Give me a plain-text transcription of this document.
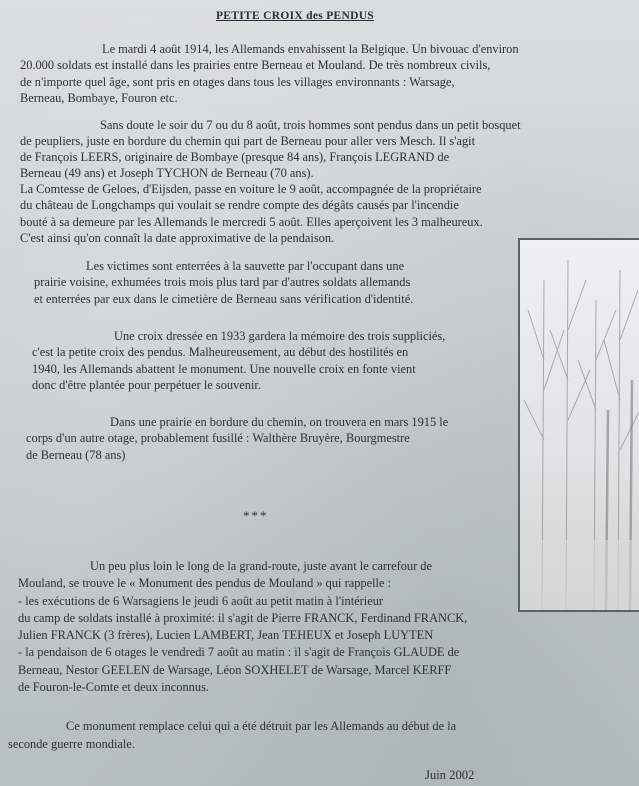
PETITE CROIX des PENDUS
Le mardi 4 août 1914, les Allemands envahissent la Belgique. Un bivouac d'environ
20.000 soldats est installé dans les prairies entre Berneau et Mouland. De très nombreux civils,
de n'importe quel âge, sont pris en otages dans tous les villages environnants : Warsage,
Berneau, Bombaye, Fouron etc.
Sans doute le soir du 7 ou du 8 août, trois hommes sont pendus dans un petit bosquet
de peupliers, juste en bordure du chemin qui part de Berneau pour aller vers Mesch. Il s'agit
de François LEERS, originaire de Bombaye (presque 84 ans), François LEGRAND de
Berneau (49 ans) et Joseph TYCHON de Berneau (70 ans).
La Comtesse de Geloes, d'Eijsden, passe en voiture le 9 août, accompagnée de la propriétaire
du château de Longchamps qui voulait se rendre compte des dégâts causés par l'incendie
bouté à sa demeure par les Allemands le mercredi 5 août. Elles aperçoivent les 3 malheureux.
C'est ainsi qu'on connaît la date approximative de la pendaison.
Les victimes sont enterrées à la sauvette par l'occupant dans une
prairie voisine, exhumées trois mois plus tard par d'autres soldats allemands
et enterrées par eux dans le cimetière de Berneau sans vérification d'identité.
Une croix dressée en 1933 gardera la mémoire des trois suppliciés,
c'est la petite croix des pendus. Malheureusement, au début des hostilités en
1940, les Allemands abattent le monument. Une nouvelle croix en fonte vient
donc d'être plantée pour perpétuer le souvenir.
Dans une prairie en bordure du chemin, on trouvera en mars 1915 le
corps d'un autre otage, probablement fusillé : Walthère Bruyère, Bourgmestre
de Berneau (78 ans)
***
Un peu plus loin le long de la grand-route, juste avant le carrefour de
Mouland, se trouve le « Monument des pendus de Mouland » qui rappelle :
- les exécutions de 6 Warsagiens le jeudi 6 août au petit matin à l'intérieur
du camp de soldats installé à proximité: il s'agit de Pierre FRANCK, Ferdinand FRANCK,
Julien FRANCK (3 frères), Lucien LAMBERT, Jean TEHEUX et Joseph LUYTEN
- la pendaison de 6 otages le vendredi 7 août au matin : il s'agit de François GLAUDE de
Berneau, Nestor GEELEN de Warsage, Léon SOXHELET de Warsage, Marcel KERFF
de Fouron-le-Comte et deux inconnus.
Ce monument remplace celui qui a été détruit par les Allemands au début de la
seconde guerre mondiale.
Juin 2002
